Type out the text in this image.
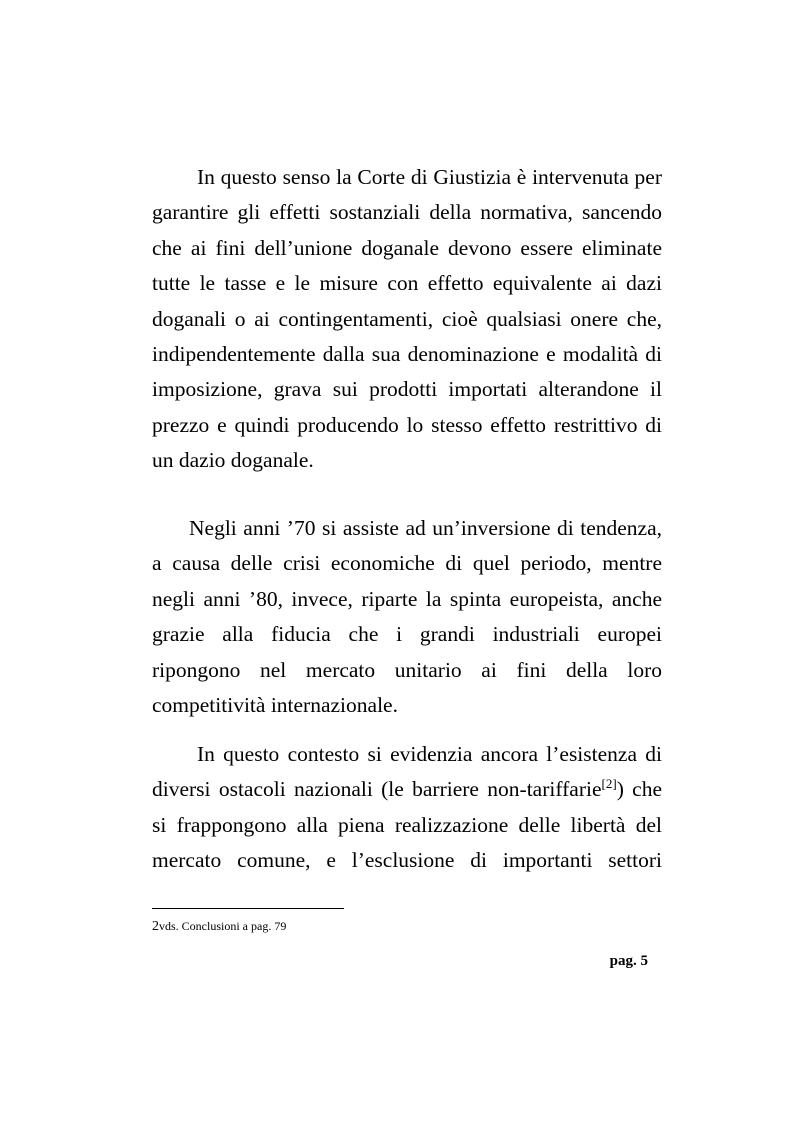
In questo senso la Corte di Giustizia è intervenuta per garantire gli effetti sostanziali della normativa, sancendo che ai fini dell’unione doganale devono essere eliminate tutte le tasse e le misure con effetto equivalente ai dazi doganali o ai contingentamenti, cioè qualsiasi onere che, indipendentemente dalla sua denominazione e modalità di imposizione, grava sui prodotti importati alterandone il prezzo e quindi producendo lo stesso effetto restrittivo di un dazio doganale.

Negli anni ’70 si assiste ad un’inversione di tendenza, a causa delle crisi economiche di quel periodo, mentre negli anni ’80, invece, riparte la spinta europeista, anche grazie alla fiducia che i grandi industriali europei ripongono nel mercato unitario ai fini della loro competitività internazionale.

In questo contesto si evidenzia ancora l’esistenza di diversi ostacoli nazionali (le barriere non-tariffarie[2]) che si frappongono alla piena realizzazione delle libertà del mercato comune, e l’esclusione di importanti settori

2vds. Conclusioni a pag. 79

pag. 5
